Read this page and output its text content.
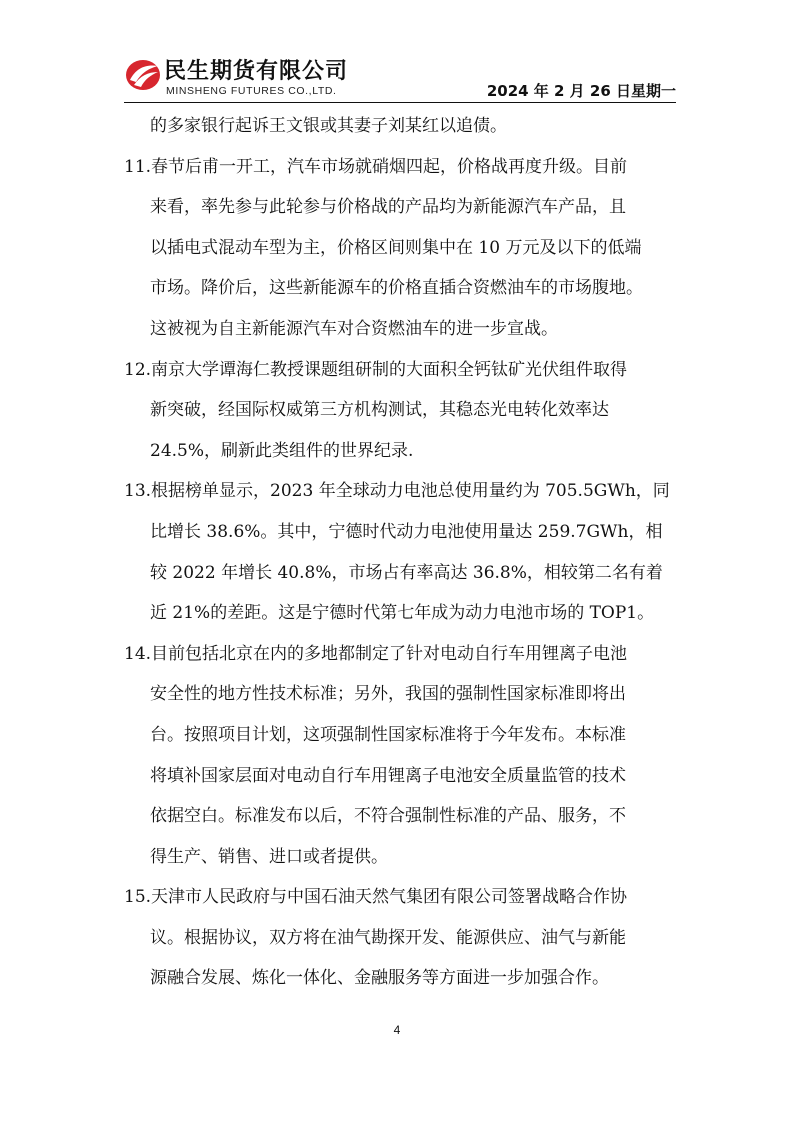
民生期货有限公司
MINSHENG FUTURES CO.,LTD.	2024 年 2 月 26 日星期一
的多家银行起诉王文银或其妻子刘某红以追债。
11.春节后甫一开工，汽车市场就硝烟四起，价格战再度升级。目前
来看，率先参与此轮参与价格战的产品均为新能源汽车产品，且
以插电式混动车型为主，价格区间则集中在 10 万元及以下的低端
市场。降价后，这些新能源车的价格直插合资燃油车的市场腹地。
这被视为自主新能源汽车对合资燃油车的进一步宣战。
12.南京大学谭海仁教授课题组研制的大面积全钙钛矿光伏组件取得
新突破，经国际权威第三方机构测试，其稳态光电转化效率达
24.5%，刷新此类组件的世界纪录.
13.根据榜单显示，2023 年全球动力电池总使用量约为 705.5GWh，同
比增长 38.6%。其中，宁德时代动力电池使用量达 259.7GWh，相
较 2022 年增长 40.8%，市场占有率高达 36.8%，相较第二名有着
近 21%的差距。这是宁德时代第七年成为动力电池市场的 TOP1。
14.目前包括北京在内的多地都制定了针对电动自行车用锂离子电池
安全性的地方性技术标准；另外，我国的强制性国家标准即将出
台。按照项目计划，这项强制性国家标准将于今年发布。本标准
将填补国家层面对电动自行车用锂离子电池安全质量监管的技术
依据空白。标准发布以后，不符合强制性标准的产品、服务，不
得生产、销售、进口或者提供。
15.天津市人民政府与中国石油天然气集团有限公司签署战略合作协
议。根据协议，双方将在油气勘探开发、能源供应、油气与新能
源融合发展、炼化一体化、金融服务等方面进一步加强合作。
4
